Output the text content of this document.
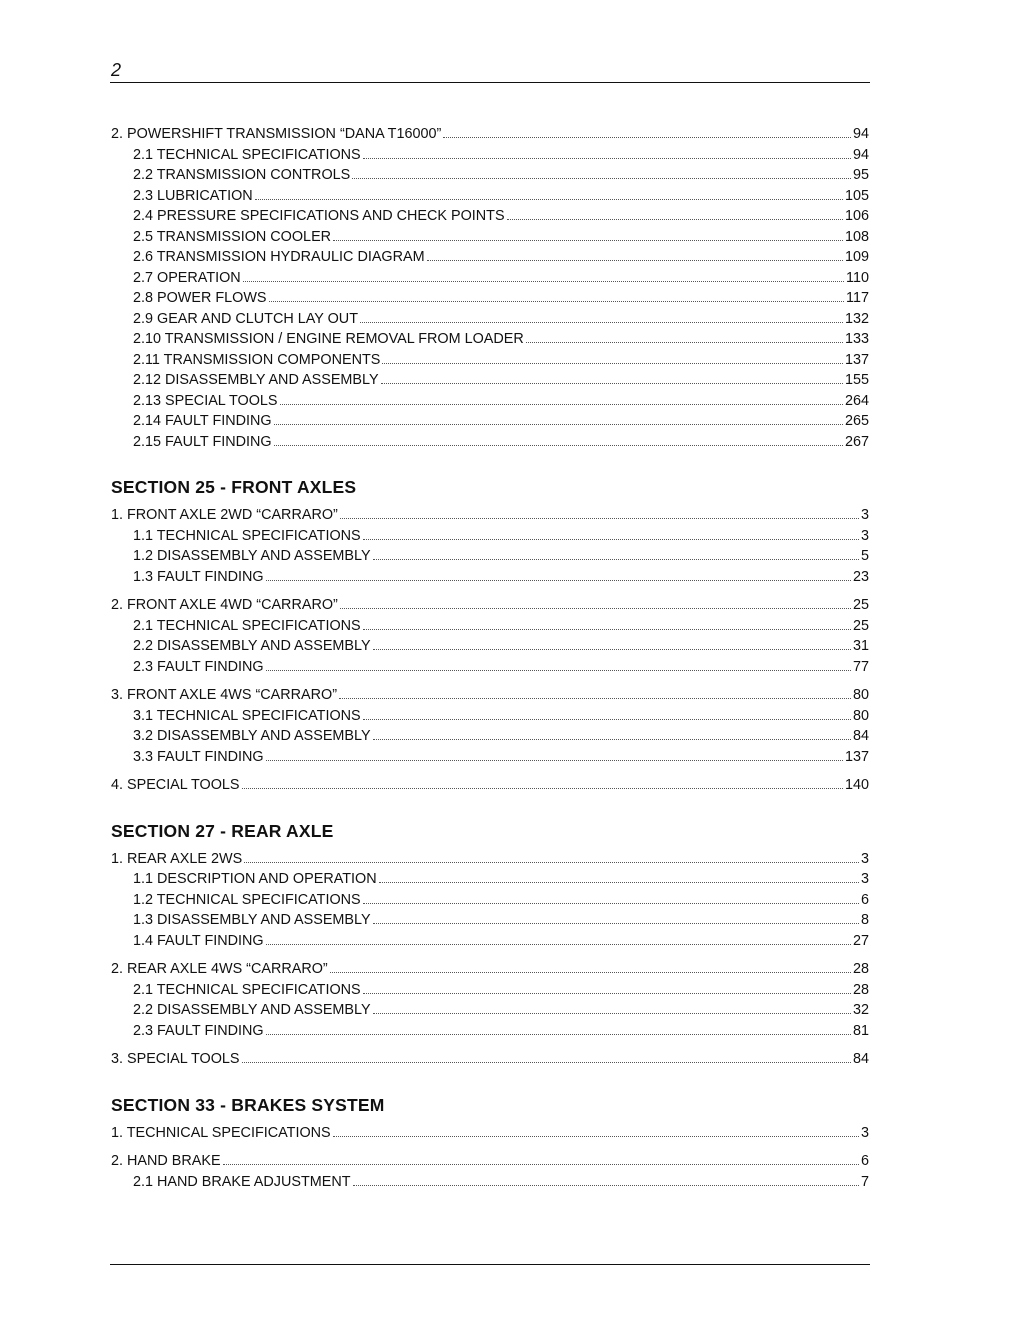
2
2. POWERSHIFT TRANSMISSION “DANA T16000”	94
2.1 TECHNICAL SPECIFICATIONS	94
2.2 TRANSMISSION CONTROLS	95
2.3 LUBRICATION	105
2.4 PRESSURE SPECIFICATIONS AND CHECK POINTS	106
2.5 TRANSMISSION COOLER	108
2.6 TRANSMISSION HYDRAULIC DIAGRAM	109
2.7 OPERATION	110
2.8 POWER FLOWS	117
2.9 GEAR AND CLUTCH LAY OUT	132
2.10 TRANSMISSION / ENGINE REMOVAL FROM LOADER	133
2.11 TRANSMISSION COMPONENTS	137
2.12 DISASSEMBLY AND ASSEMBLY	155
2.13 SPECIAL TOOLS	264
2.14 FAULT FINDING	265
2.15 FAULT FINDING	267
SECTION 25 - FRONT AXLES
1. FRONT AXLE 2WD “CARRARO”	3
1.1 TECHNICAL SPECIFICATIONS	3
1.2 DISASSEMBLY AND ASSEMBLY	5
1.3 FAULT FINDING	23
2. FRONT AXLE 4WD “CARRARO”	25
2.1 TECHNICAL SPECIFICATIONS	25
2.2 DISASSEMBLY AND ASSEMBLY	31
2.3 FAULT FINDING	77
3. FRONT AXLE 4WS “CARRARO”	80
3.1 TECHNICAL SPECIFICATIONS	80
3.2 DISASSEMBLY AND ASSEMBLY	84
3.3 FAULT FINDING	137
4. SPECIAL TOOLS	140
SECTION 27 - REAR AXLE
1. REAR AXLE 2WS	3
1.1 DESCRIPTION AND OPERATION	3
1.2 TECHNICAL SPECIFICATIONS	6
1.3 DISASSEMBLY AND ASSEMBLY	8
1.4 FAULT FINDING	27
2. REAR AXLE 4WS “CARRARO”	28
2.1 TECHNICAL SPECIFICATIONS	28
2.2 DISASSEMBLY AND ASSEMBLY	32
2.3 FAULT FINDING	81
3. SPECIAL TOOLS	84
SECTION 33 - BRAKES SYSTEM
1. TECHNICAL SPECIFICATIONS	3
2. HAND BRAKE	6
2.1 HAND BRAKE ADJUSTMENT	7
